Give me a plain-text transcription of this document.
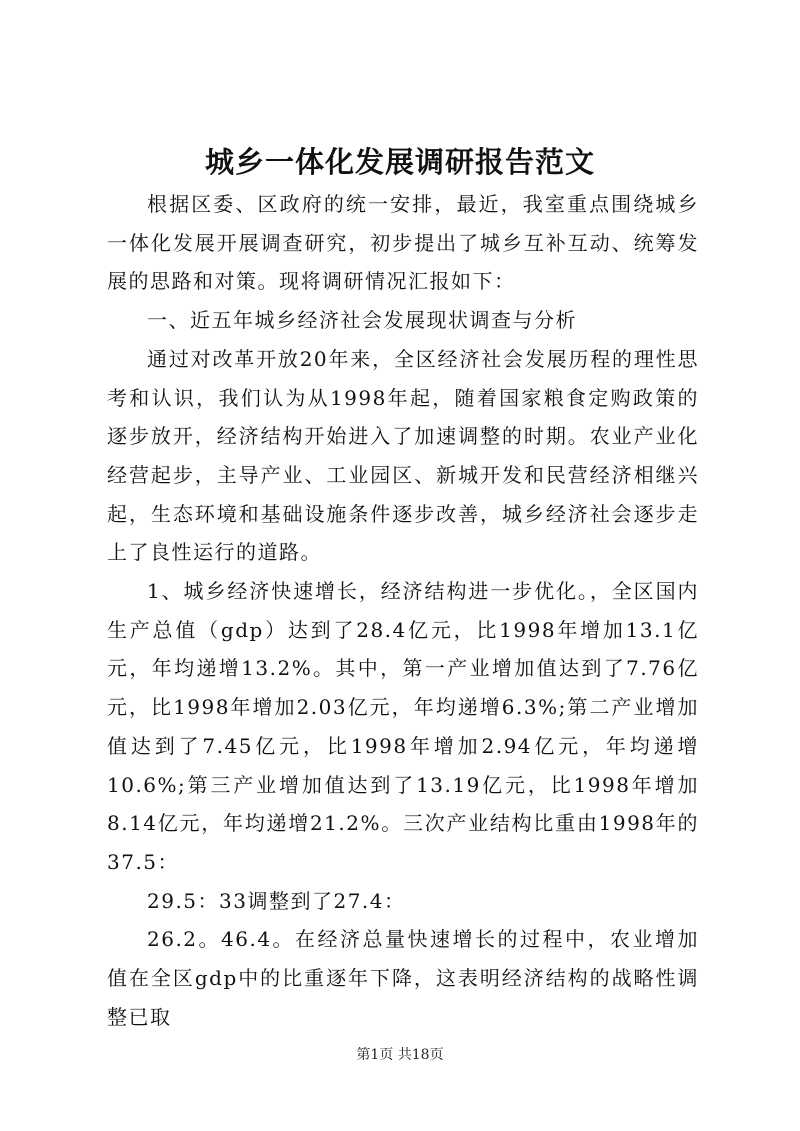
城乡一体化发展调研报告范文

根据区委、区政府的统一安排，最近，我室重点围绕城乡一体化发展开展调查研究，初步提出了城乡互补互动、统筹发展的思路和对策。现将调研情况汇报如下：

一、近五年城乡经济社会发展现状调查与分析

通过对改革开放20年来，全区经济社会发展历程的理性思考和认识，我们认为从1998年起，随着国家粮食定购政策的逐步放开，经济结构开始进入了加速调整的时期。农业产业化经营起步，主导产业、工业园区、新城开发和民营经济相继兴起，生态环境和基础设施条件逐步改善，城乡经济社会逐步走上了良性运行的道路。

1、城乡经济快速增长，经济结构进一步优化。，全区国内生产总值（gdp）达到了28.4亿元，比1998年增加13.1亿元，年均递增13.2%。其中，第一产业增加值达到了7.76亿元，比1998年增加2.03亿元，年均递增6.3%;第二产业增加值达到了7.45亿元，比1998年增加2.94亿元，年均递增10.6%;第三产业增加值达到了13.19亿元，比1998年增加8.14亿元，年均递增21.2%。三次产业结构比重由1998年的37.5：

29.5：33调整到了27.4：

26.2。46.4。在经济总量快速增长的过程中，农业增加值在全区gdp中的比重逐年下降，这表明经济结构的战略性调整已取

第1页 共18页
